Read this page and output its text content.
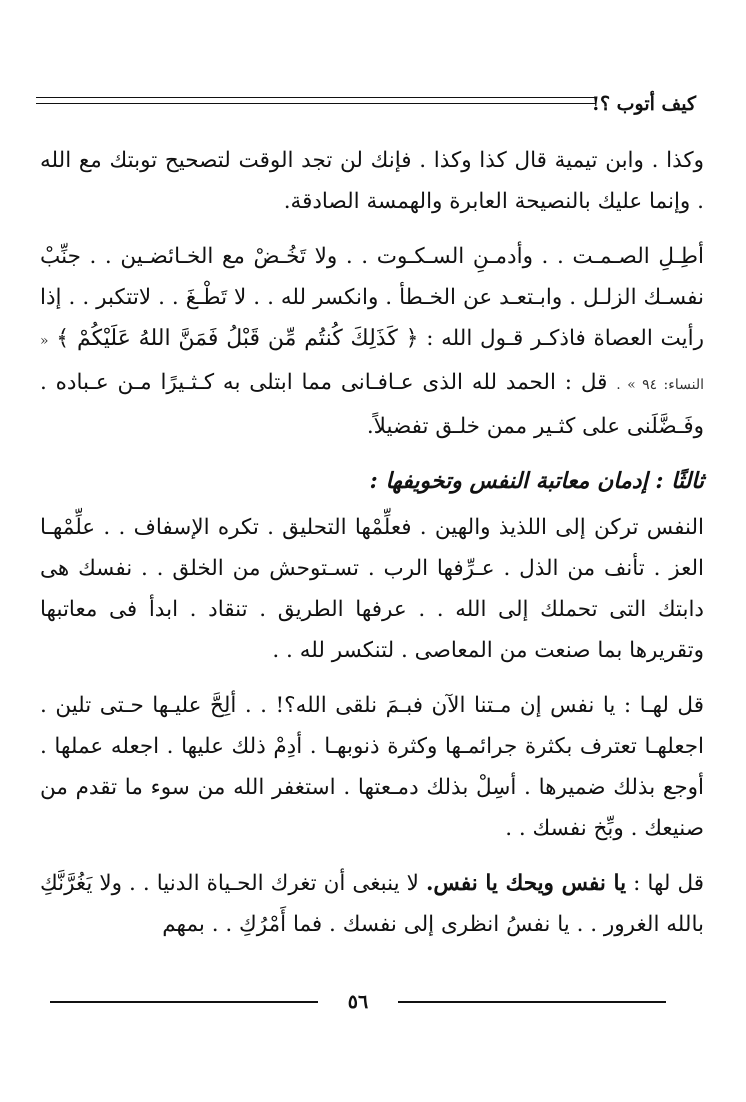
كيف أتوب ؟!

وكذا . وابن تيمية قال كذا وكذا . فإنك لن تجد الوقت لتصحيح توبتك مع الله . وإنما عليك بالنصيحة العابرة والهمسة الصادقة.

أطِـلِ الصـمـت . . وأدمـنِ السـكـوت . . ولا تَخُـضْ مع الخـائضـين . . جنِّبْ نفسـك الزلـل . وابـتعـد عن الخـطأ . وانكسر لله . . لا تَطْـغَ . . لاتتكبر . . إذا رأيت العصاة فاذكـر قـول الله : ﴿ كَذَلِكَ كُنتُم مِّن قَبْلُ فَمَنَّ اللهُ عَلَيْكُمْ ﴾ « النساء: ٩٤ » . قل : الحمد لله الذى عـافـانى مما ابتلى به كـثـيرًا مـن عـباده . وفَـضَّلَنى على كثـير ممن خلـق تفضيلاً.

ثالثًا : إدمان معاتبة النفس وتخويفها :

النفس تركن إلى اللذيذ والهين . فعلِّمْها التحليق . تكره الإسفاف . . علِّمْهـا العز . تأنف من الذل . عـرِّفها الرب . تسـتوحش من الخلق . . نفسك هى دابتك التى تحملك إلى الله . . عرفها الطريق . تنقاد . ابدأ فى معاتبها وتقريرها بما صنعت من المعاصى . لتنكسر لله . .

قل لهـا : يا نفس إن مـتنا الآن فبـمَ نلقى الله؟! . . ألِحَّ عليـها حـتى تلين . اجعلهـا تعترف بكثرة جرائمـها وكثرة ذنوبهـا . أدِمْ ذلك عليها . اجعله عملها . أوجع بذلك ضميرها . أسِلْ بذلك دمـعتها . استغفر الله من سوء ما تقدم من صنيعك . وبِّخ نفسك . .

قل لها : يا نفس ويحك يا نفس. لا ينبغى أن تغرك الحـياة الدنيا . . ولا يَغُرَّنَّكِ بالله الغرور . . يا نفسُ انظرى إلى نفسك . فما أَمْرُكِ . . بمهم

٥٦
